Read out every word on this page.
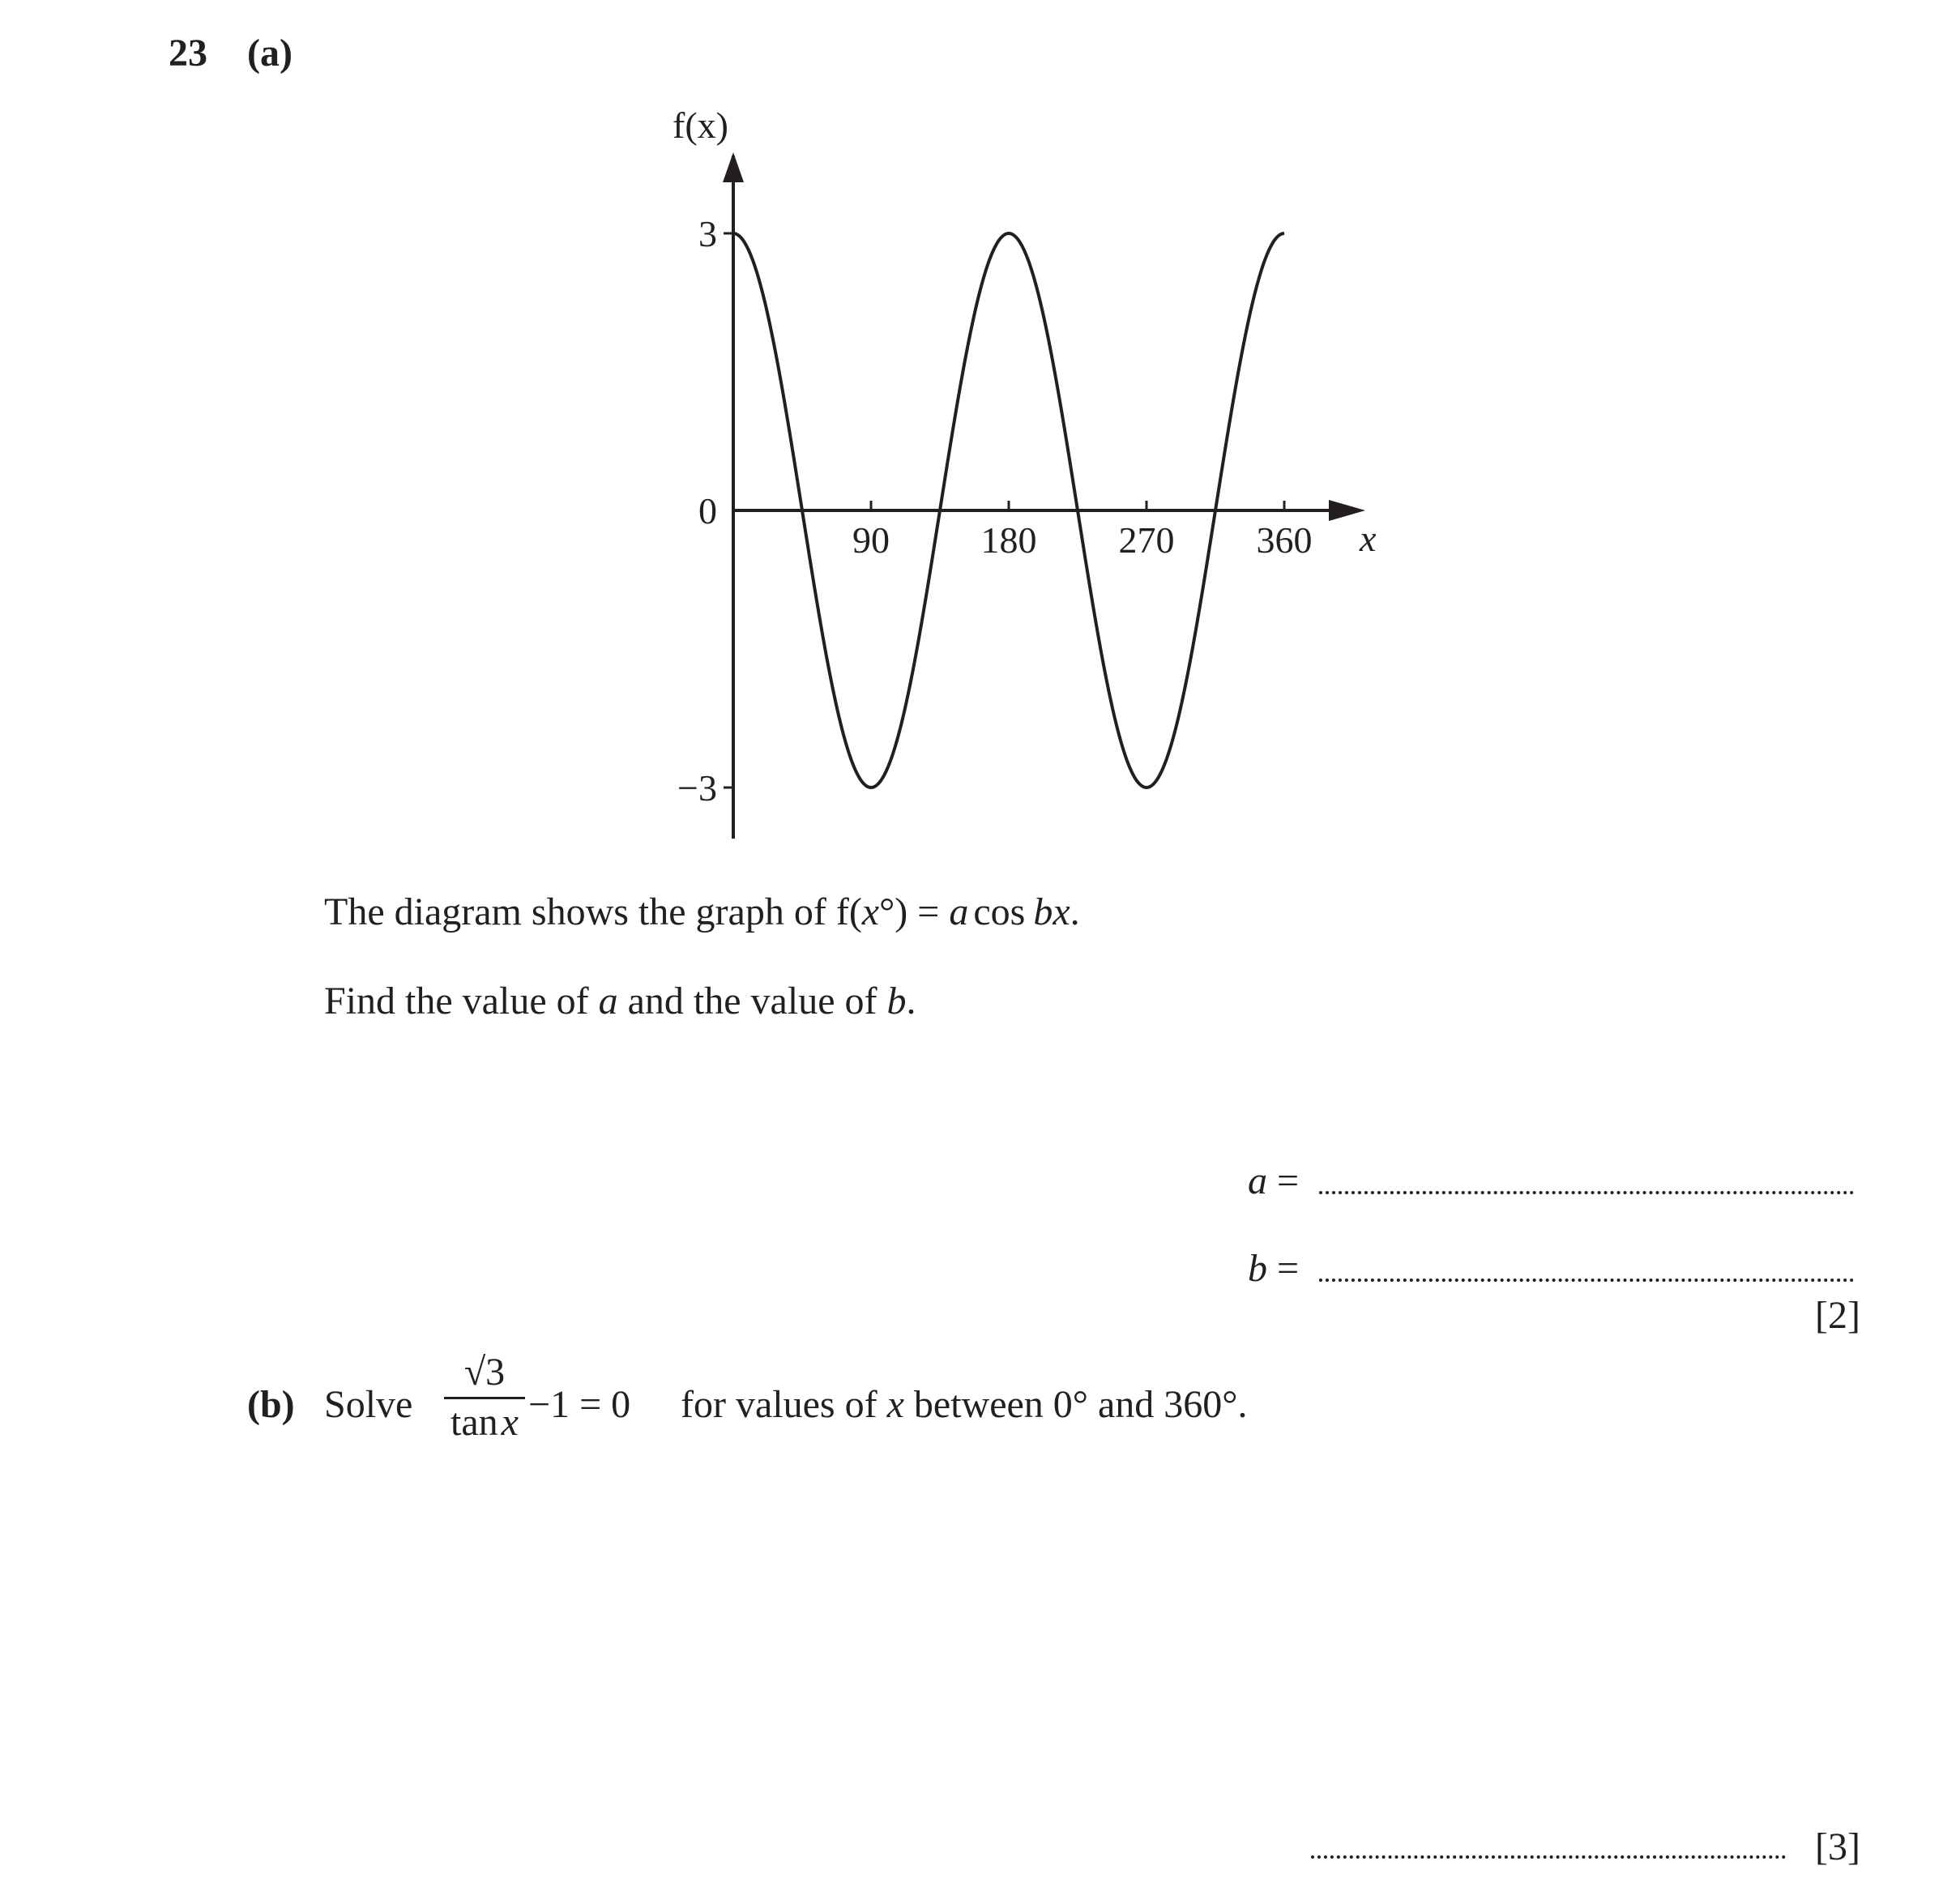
23 (a)
90 180 270 360
3
0
−3
f(x)
x
The diagram shows the graph of f(x°) = a cos bx.
Find the value of a and the value of b.
a =
b =
[2]
(b) Solve $\frac{√3}{\tan x} -1 = 0$ for values of x between 0° and 360°.
[3]
